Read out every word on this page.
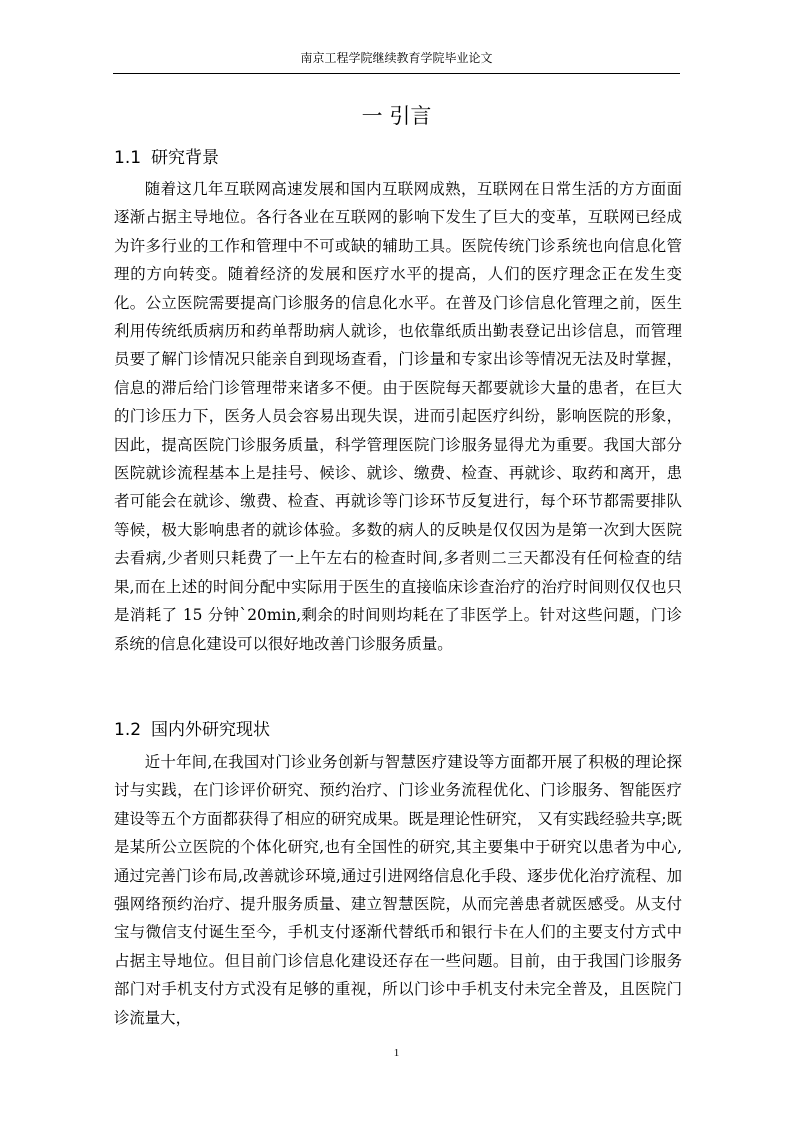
南京工程学院继续教育学院毕业论文
一 引言
1.1 研究背景

随着这几年互联网高速发展和国内互联网成熟，互联网在日常生活的方方面面逐渐占据主导地位。各行各业在互联网的影响下发生了巨大的变革，互联网已经成为许多行业的工作和管理中不可或缺的辅助工具。医院传统门诊系统也向信息化管理的方向转变。随着经济的发展和医疗水平的提高，人们的医疗理念正在发生变化。公立医院需要提高门诊服务的信息化水平。在普及门诊信息化管理之前，医生利用传统纸质病历和药单帮助病人就诊，也依靠纸质出勤表登记出诊信息，而管理员要了解门诊情况只能亲自到现场查看，门诊量和专家出诊等情况无法及时掌握，信息的滞后给门诊管理带来诸多不便。由于医院每天都要就诊大量的患者，在巨大的门诊压力下，医务人员会容易出现失误，进而引起医疗纠纷，影响医院的形象，因此，提高医院门诊服务质量，科学管理医院门诊服务显得尤为重要。我国大部分医院就诊流程基本上是挂号、候诊、就诊、缴费、检查、再就诊、取药和离开，患者可能会在就诊、缴费、检查、再就诊等门诊环节反复进行，每个环节都需要排队等候，极大影响患者的就诊体验。多数的病人的反映是仅仅因为是第一次到大医院去看病,少者则只耗费了一上午左右的检查时间,多者则二三天都没有任何检查的结果,而在上述的时间分配中实际用于医生的直接临床诊查治疗的治疗时间则仅仅也只是消耗了 15 分钟`20min,剩余的时间则均耗在了非医学上。针对这些问题，门诊系统的信息化建设可以很好地改善门诊服务质量。

1.2 国内外研究现状

近十年间,在我国对门诊业务创新与智慧医疗建设等方面都开展了积极的理论探讨与实践，在门诊评价研究、预约治疗、门诊业务流程优化、门诊服务、智能医疗建设等五个方面都获得了相应的研究成果。既是理论性研究， 又有实践经验共享;既是某所公立医院的个体化研究,也有全国性的研究,其主要集中于研究以患者为中心,通过完善门诊布局,改善就诊环境,通过引进网络信息化手段、逐步优化治疗流程、加强网络预约治疗、提升服务质量、建立智慧医院，从而完善患者就医感受。从支付宝与微信支付诞生至今，手机支付逐渐代替纸币和银行卡在人们的主要支付方式中占据主导地位。但目前门诊信息化建设还存在一些问题。目前，由于我国门诊服务部门对手机支付方式没有足够的重视，所以门诊中手机支付未完全普及，且医院门诊流量大，

1
